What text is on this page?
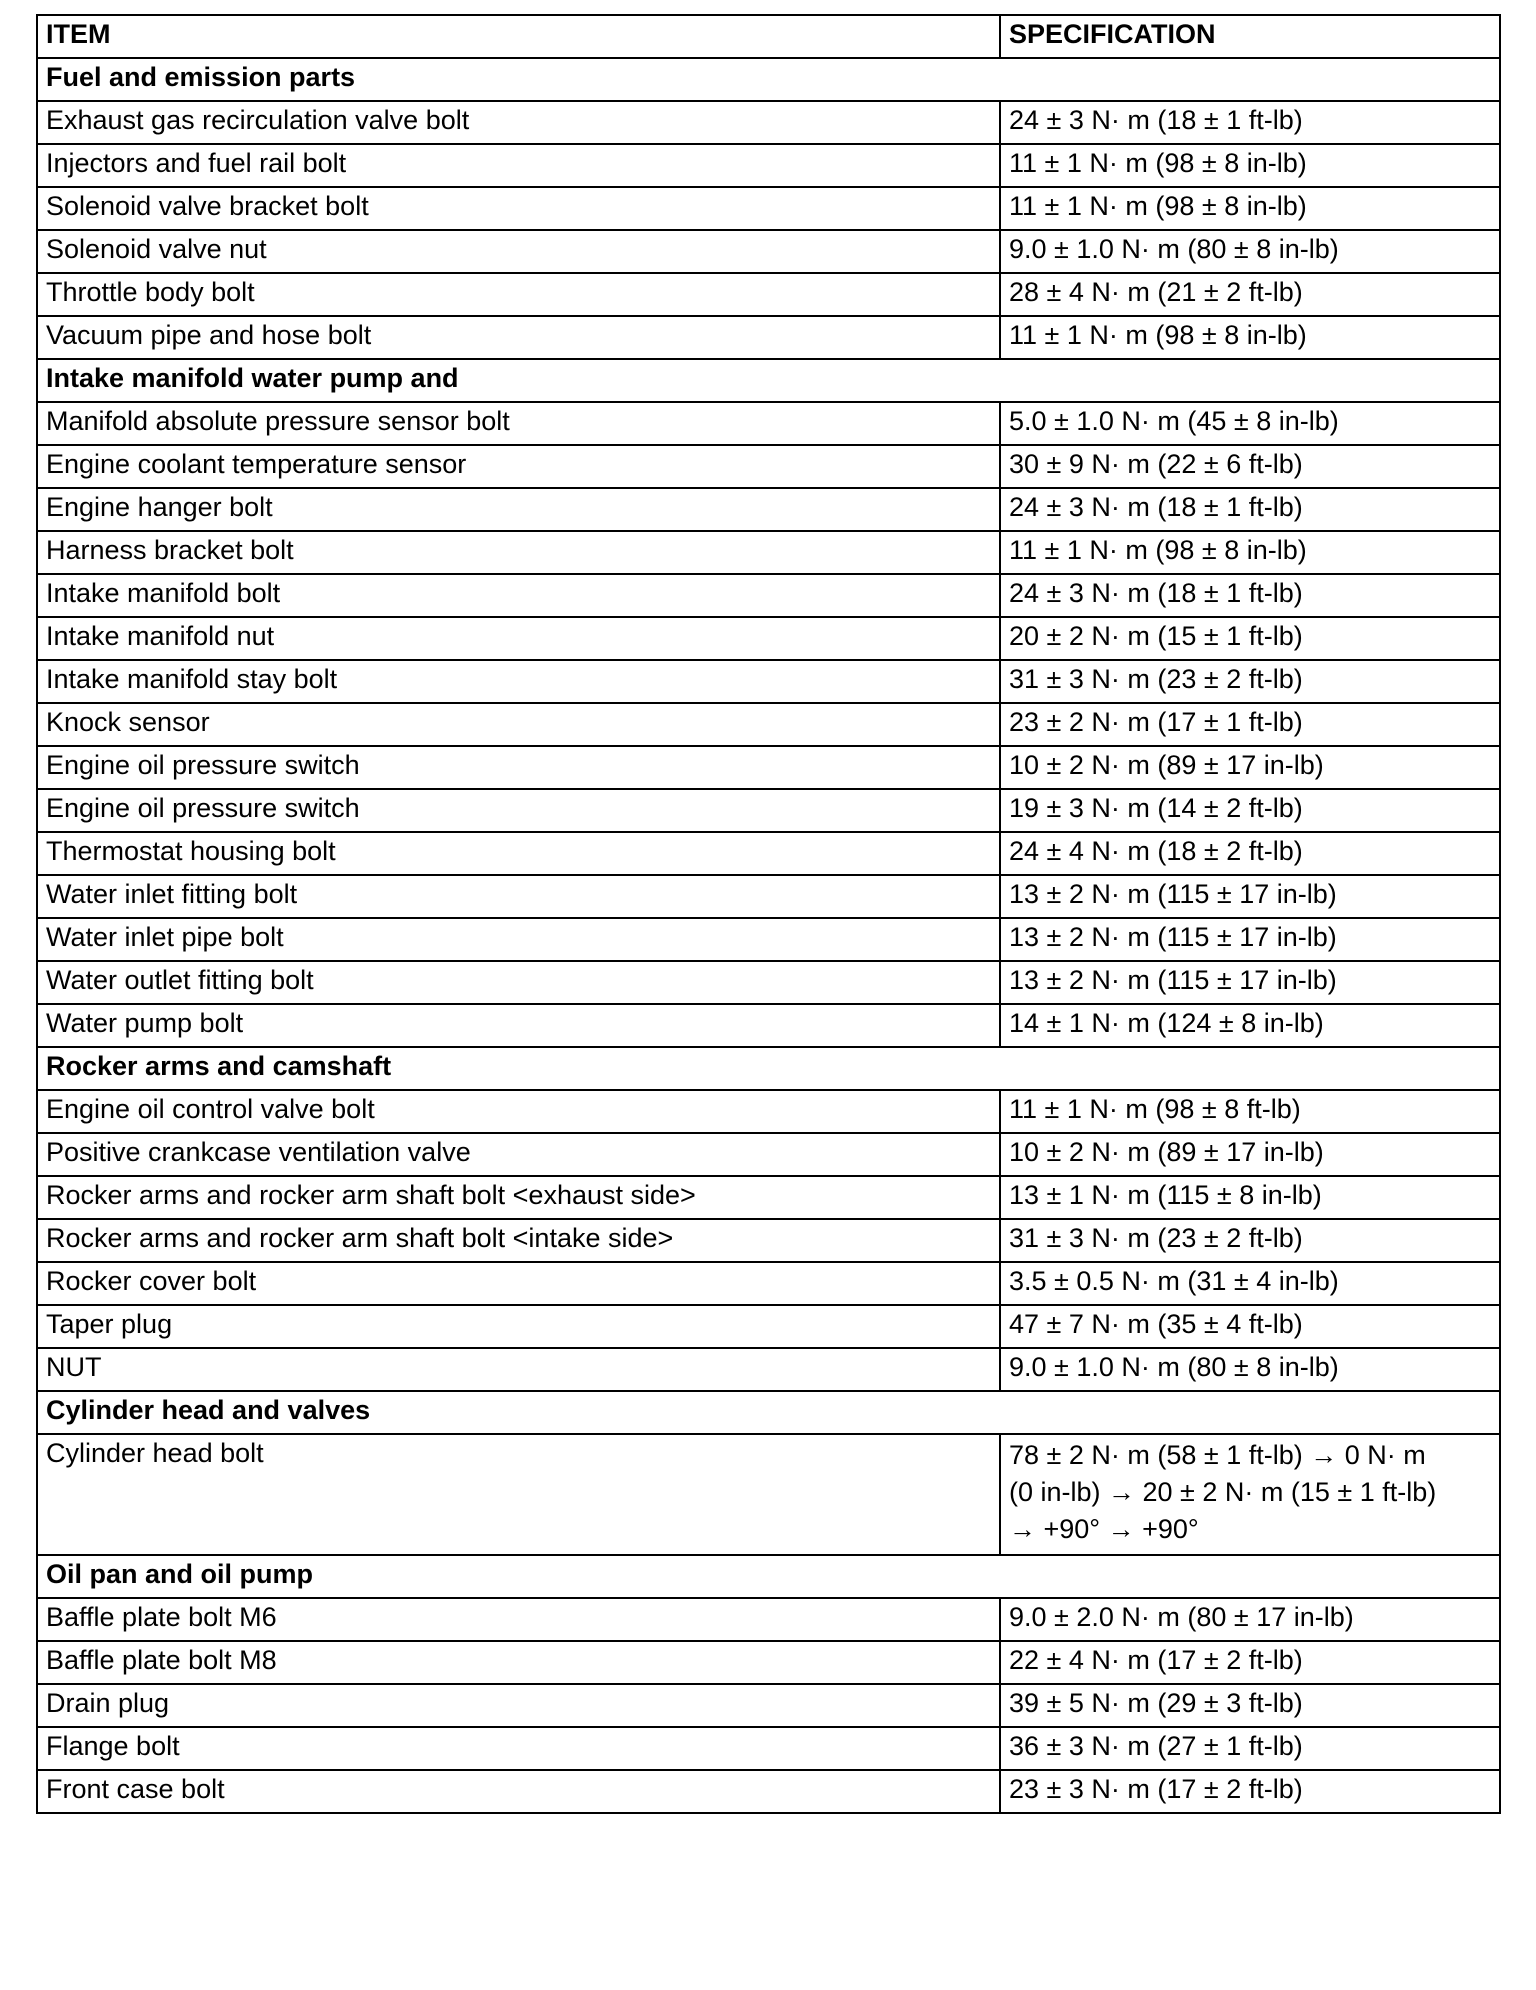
ITEM	SPECIFICATION
Fuel and emission parts	
Exhaust gas recirculation valve bolt	24 ± 3 N· m (18 ± 1 ft-lb)
Injectors and fuel rail bolt	11 ± 1 N· m (98 ± 8 in-lb)
Solenoid valve bracket bolt	11 ± 1 N· m (98 ± 8 in-lb)
Solenoid valve nut	9.0 ± 1.0 N· m (80 ± 8 in-lb)
Throttle body bolt	28 ± 4 N· m (21 ± 2 ft-lb)
Vacuum pipe and hose bolt	11 ± 1 N· m (98 ± 8 in-lb)
Intake manifold water pump and	
Manifold absolute pressure sensor bolt	5.0 ± 1.0 N· m (45 ± 8 in-lb)
Engine coolant temperature sensor	30 ± 9 N· m (22 ± 6 ft-lb)
Engine hanger bolt	24 ± 3 N· m (18 ± 1 ft-lb)
Harness bracket bolt	11 ± 1 N· m (98 ± 8 in-lb)
Intake manifold bolt	24 ± 3 N· m (18 ± 1 ft-lb)
Intake manifold nut	20 ± 2 N· m (15 ± 1 ft-lb)
Intake manifold stay bolt	31 ± 3 N· m (23 ± 2 ft-lb)
Knock sensor	23 ± 2 N· m (17 ± 1 ft-lb)
Engine oil pressure switch	10 ± 2 N· m (89 ± 17 in-lb)
Engine oil pressure switch	19 ± 3 N· m (14 ± 2 ft-lb)
Thermostat housing bolt	24 ± 4 N· m (18 ± 2 ft-lb)
Water inlet fitting bolt	13 ± 2 N· m (115 ± 17 in-lb)
Water inlet pipe bolt	13 ± 2 N· m (115 ± 17 in-lb)
Water outlet fitting bolt	13 ± 2 N· m (115 ± 17 in-lb)
Water pump bolt	14 ± 1 N· m (124 ± 8 in-lb)
Rocker arms and camshaft	
Engine oil control valve bolt	11 ± 1 N· m (98 ± 8 ft-lb)
Positive crankcase ventilation valve	10 ± 2 N· m (89 ± 17 in-lb)
Rocker arms and rocker arm shaft bolt <exhaust side>	13 ± 1 N· m (115 ± 8 in-lb)
Rocker arms and rocker arm shaft bolt <intake side>	31 ± 3 N· m (23 ± 2 ft-lb)
Rocker cover bolt	3.5 ± 0.5 N· m (31 ± 4 in-lb)
Taper plug	47 ± 7 N· m (35 ± 4 ft-lb)
NUT	9.0 ± 1.0 N· m (80 ± 8 in-lb)
Cylinder head and valves	
Cylinder head bolt	78 ± 2 N· m (58 ± 1 ft-lb) → 0 N· m
(0 in-lb) → 20 ± 2 N· m (15 ± 1 ft-lb)
→ +90° → +90°
Oil pan and oil pump	
Baffle plate bolt M6	9.0 ± 2.0 N· m (80 ± 17 in-lb)
Baffle plate bolt M8	22 ± 4 N· m (17 ± 2 ft-lb)
Drain plug	39 ± 5 N· m (29 ± 3 ft-lb)
Flange bolt	36 ± 3 N· m (27 ± 1 ft-lb)
Front case bolt	23 ± 3 N· m (17 ± 2 ft-lb)
